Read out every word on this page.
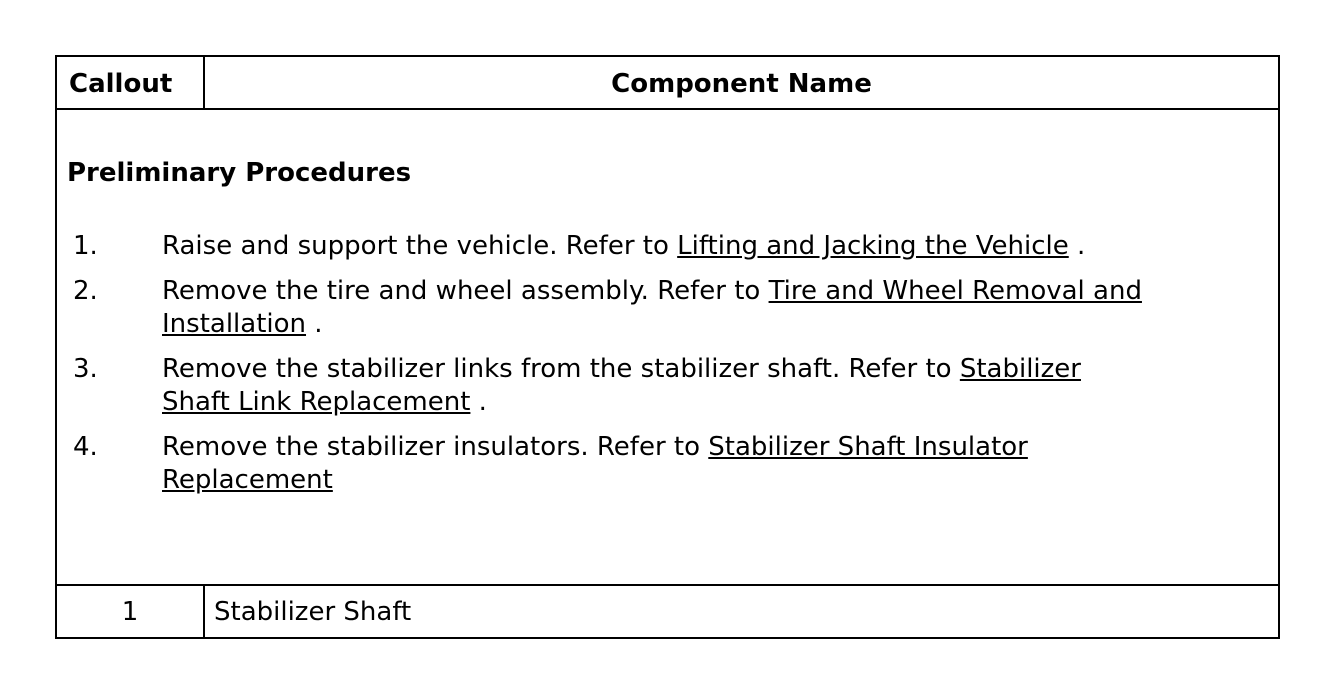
Callout	Component Name
Preliminary Procedures
1.	Raise and support the vehicle. Refer to Lifting and Jacking the Vehicle .
2.	Remove the tire and wheel assembly. Refer to Tire and Wheel Removal and Installation .
3.	Remove the stabilizer links from the stabilizer shaft. Refer to Stabilizer Shaft Link Replacement .
4.	Remove the stabilizer insulators. Refer to Stabilizer Shaft Insulator Replacement
1	Stabilizer Shaft
